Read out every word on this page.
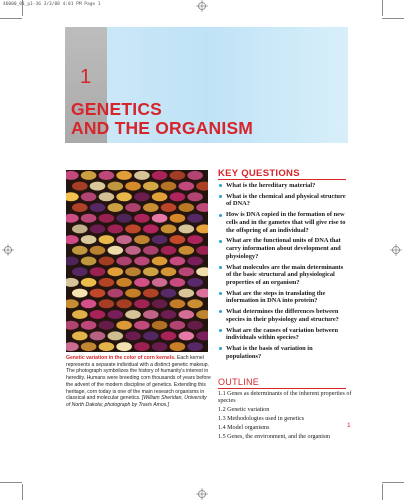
46000_01_p1-36 3/3/08 4:01 PM Page 1
1
GENETICS
AND THE ORGANISM
Genetic variation in the color of corn kernels. Each kernel represents a separate individual with a distinct genetic makeup. The photograph symbolizes the history of humanity's interest in heredity. Humans were breeding corn thousands of years before the advent of the modern discipline of genetics. Extending this heritage, corn today is one of the main research organisms in classical and molecular genetics. [William Sheridan, University of North Dakota; photograph by Travis Amos.]
KEY QUESTIONS
What is the hereditary material?
What is the chemical and physical structure of DNA?
How is DNA copied in the formation of new cells and in the gametes that will give rise to the offspring of an individual?
What are the functional units of DNA that carry information about development and physiology?
What molecules are the main determinants of the basic structural and physiological properties of an organism?
What are the steps in translating the information in DNA into protein?
What determines the differences between species in their physiology and structure?
What are the causes of variation between individuals within species?
What is the basis of variation in populations?
OUTLINE
1.1 Genes as determinants of the inherent properties of species
1.2 Genetic variation
1.3 Methodologies used in genetics
1.4 Model organisms
1.5 Genes, the environment, and the organism
1
